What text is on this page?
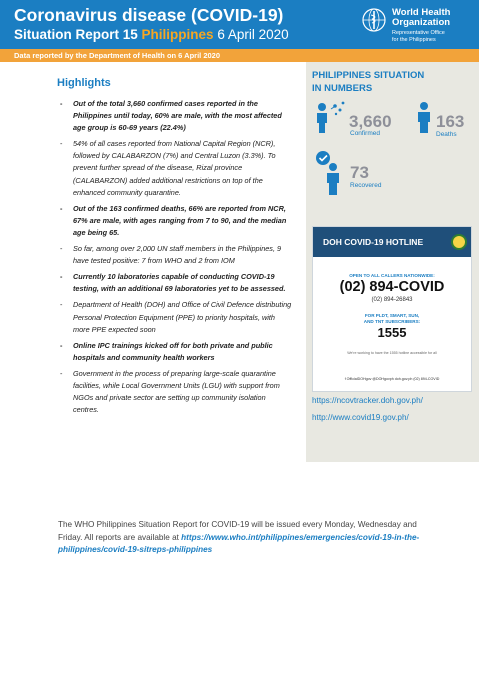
Coronavirus disease (COVID-19)
Situation Report 15 Philippines 6 April 2020
World Health
Organization
Representative Office
for the Philippines
Data reported by the Department of Health on 6 April 2020
Highlights
- Out of the total 3,660 confirmed cases reported in the Philippines until today, 60% are male, with the most affected age group is 60-69 years (22.4%)
- 54% of all cases reported from National Capital Region (NCR), followed by CALABARZON (7%) and Central Luzon (3.3%). To prevent further spread of the disease, Rizal province (CALABARZON) added additional restrictions on top of the enhanced community quarantine.
- Out of the 163 confirmed deaths, 66% are reported from NCR, 67% are male, with ages ranging from 7 to 90, and the median age being 65.
- So far, among over 2,000 UN staff members in the Philippines, 9 have tested positive: 7 from WHO and 2 from IOM
- Currently 10 laboratories capable of conducting COVID-19 testing, with an additional 69 laboratories yet to be assessed.
- Department of Health (DOH) and Office of Civil Defence distributing Personal Protection Equipment (PPE) to priority hospitals, with more PPE expected soon
- Online IPC trainings kicked off for both private and public hospitals and community health workers
- Government in the process of preparing large-scale quarantine facilities, while Local Government Units (LGU) with support from NGOs and private sector are setting up community isolation centres.
PHILIPPINES SITUATION
IN NUMBERS
3,660
Confirmed
163
Deaths
73
Recovered
DOH COVID-19 HOTLINE
OPEN TO ALL CALLERS NATIONWIDE:
(02) 894-COVID
(02) 894-26843
FOR PLDT, SMART, SUN,
AND TNT SUBSCRIBERS:
1555
We're working to have the 1555 hotline accessible for all
f OfficialDOHgov @DOHgovph doh.gov.ph (02) 894-COVID
https://ncovtracker.doh.gov.ph/
http://www.covid19.gov.ph/
The WHO Philippines Situation Report for COVID-19 will be issued every Monday, Wednesday and Friday. All reports are available at https://www.who.int/philippines/emergencies/covid-19-in-the-philippines/covid-19-sitreps-philippines
